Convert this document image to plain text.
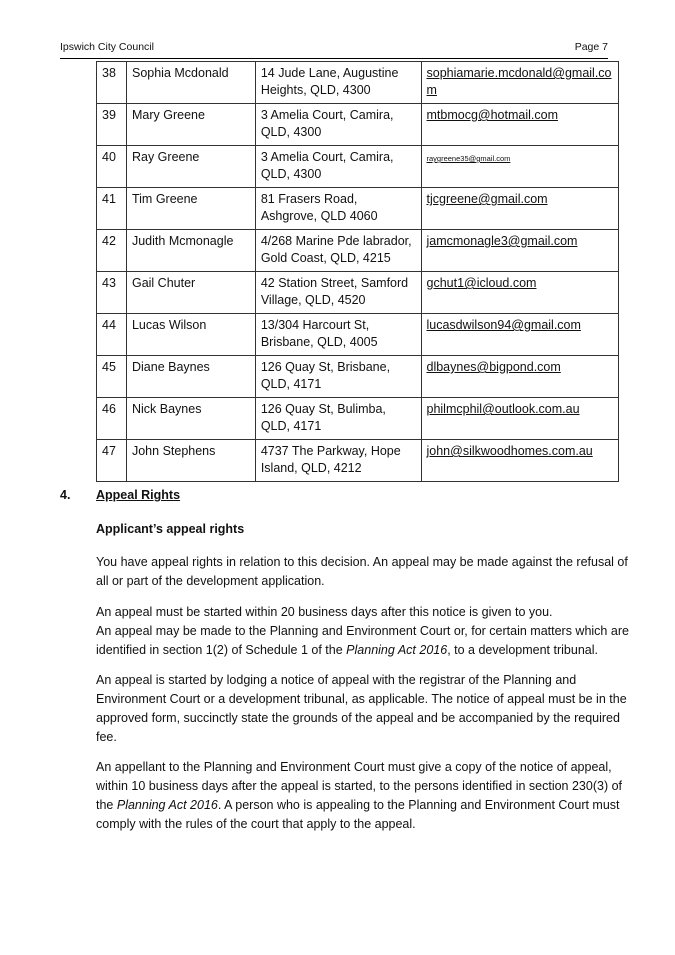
Ipswich City Council	Page 7
38	Sophia Mcdonald	14 Jude Lane, Augustine Heights, QLD, 4300	sophiamarie.mcdonald@gmail.com
39	Mary Greene	3 Amelia Court, Camira, QLD, 4300	mtbmocg@hotmail.com
40	Ray Greene	3 Amelia Court, Camira, QLD, 4300	raygreene35@gmail.com
41	Tim Greene	81 Frasers Road, Ashgrove, QLD 4060	tjcgreene@gmail.com
42	Judith Mcmonagle	4/268 Marine Pde labrador, Gold Coast, QLD, 4215	jamcmonagle3@gmail.com
43	Gail Chuter	42 Station Street, Samford Village, QLD, 4520	gchut1@icloud.com
44	Lucas Wilson	13/304 Harcourt St, Brisbane, QLD, 4005	lucasdwilson94@gmail.com
45	Diane Baynes	126 Quay St, Brisbane, QLD, 4171	dlbaynes@bigpond.com
46	Nick Baynes	126 Quay St, Bulimba, QLD, 4171	philmcphil@outlook.com.au
47	John Stephens	4737 The Parkway, Hope Island, QLD, 4212	john@silkwoodhomes.com.au
4. Appeal Rights
Applicant’s appeal rights

You have appeal rights in relation to this decision. An appeal may be made against the refusal of all or part of the development application.

An appeal must be started within 20 business days after this notice is given to you.
An appeal may be made to the Planning and Environment Court or, for certain matters which are identified in section 1(2) of Schedule 1 of the Planning Act 2016, to a development tribunal.

An appeal is started by lodging a notice of appeal with the registrar of the Planning and Environment Court or a development tribunal, as applicable. The notice of appeal must be in the approved form, succinctly state the grounds of the appeal and be accompanied by the required fee.

An appellant to the Planning and Environment Court must give a copy of the notice of appeal, within 10 business days after the appeal is started, to the persons identified in section 230(3) of the Planning Act 2016. A person who is appealing to the Planning and Environment Court must comply with the rules of the court that apply to the appeal.
